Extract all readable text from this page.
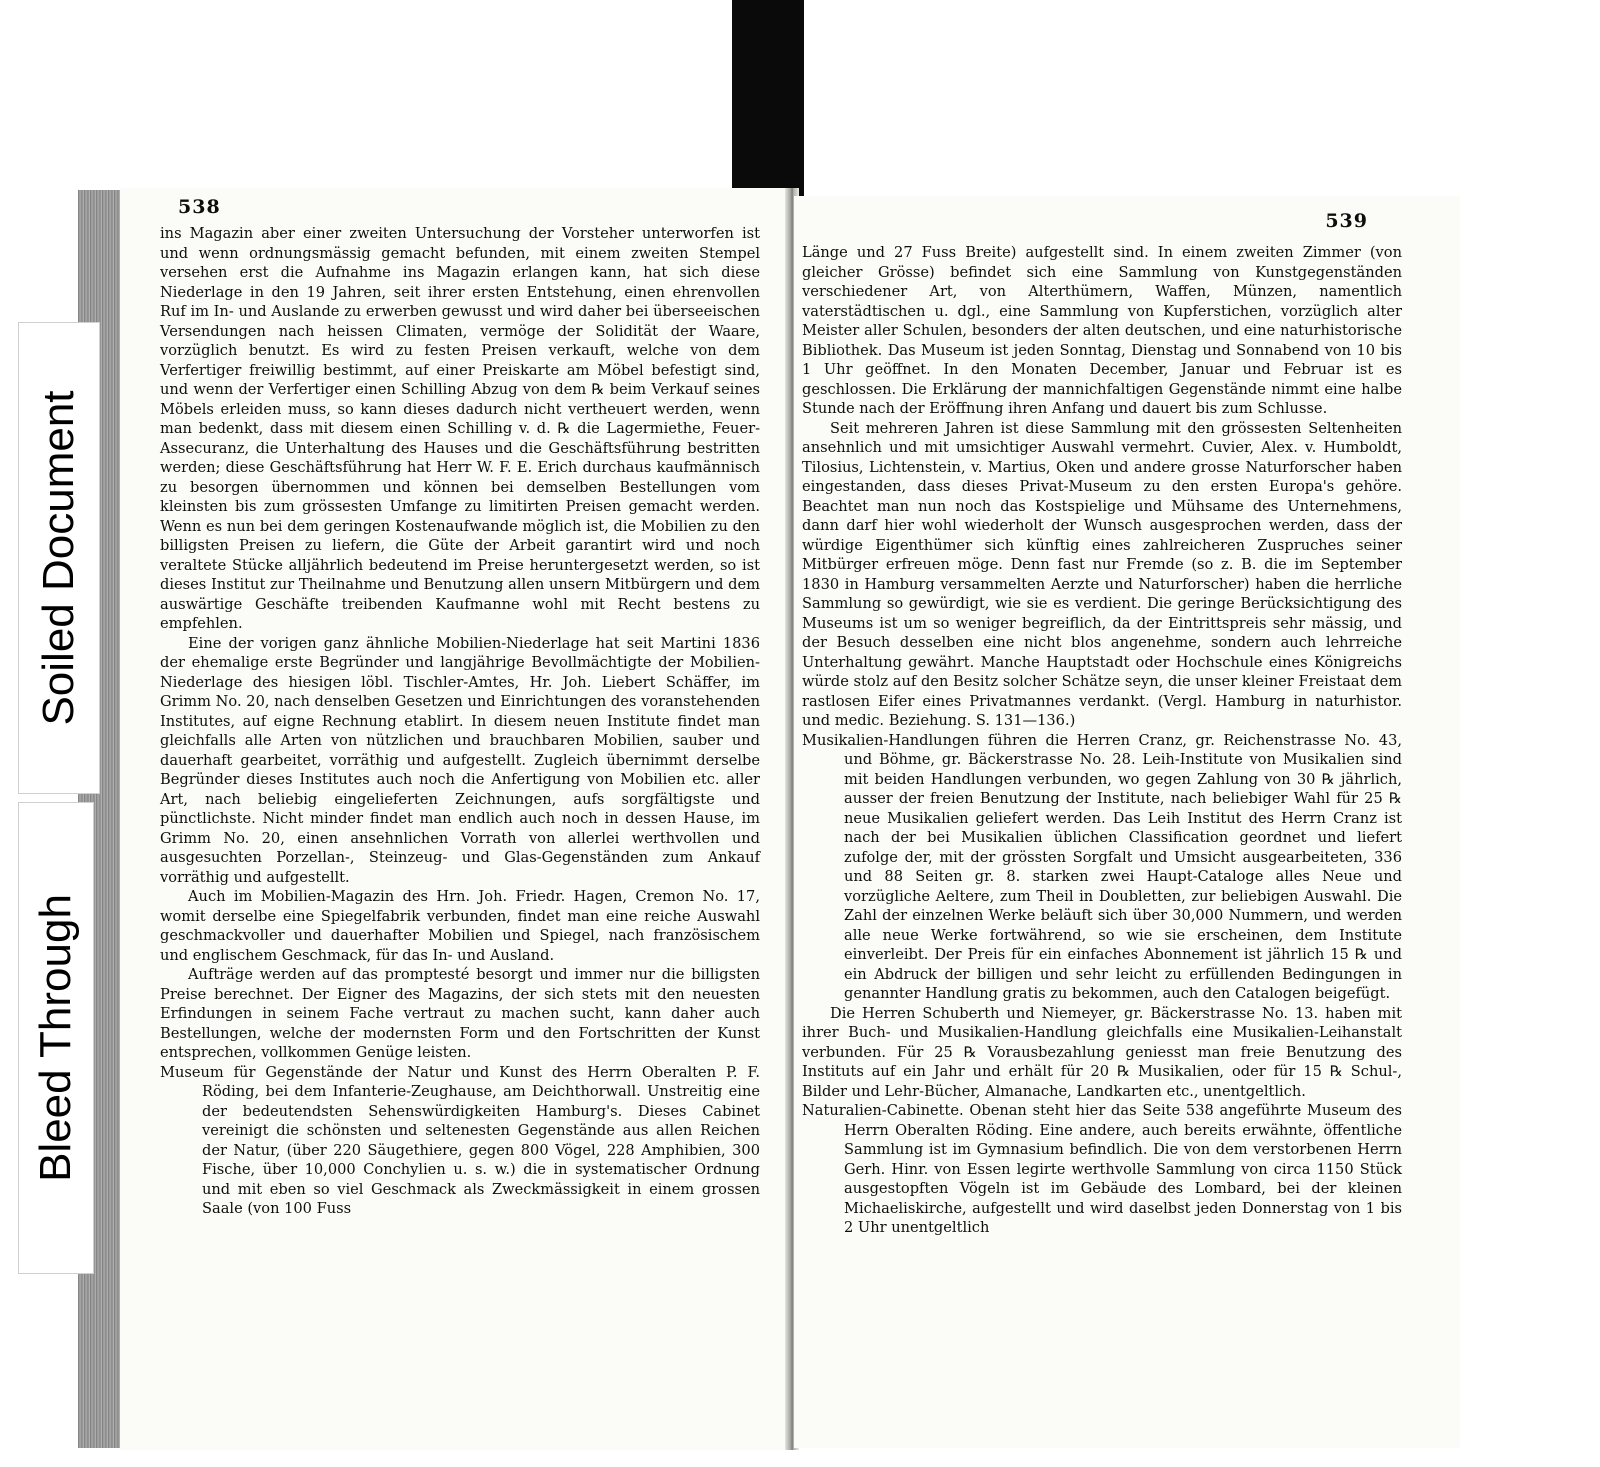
538

ins Magazin aber einer zweiten Untersuchung der Vorsteher unterworfen ist und wenn ordnungsmässig gemacht befunden, mit einem zweiten Stempel versehen erst die Aufnahme ins Magazin erlangen kann, hat sich diese Niederlage in den 19 Jahren, seit ihrer ersten Entstehung, einen ehrenvollen Ruf im In- und Auslande zu erwerben gewusst und wird daher bei überseeischen Versendungen nach heissen Climaten, vermöge der Solidität der Waare, vorzüglich benutzt. Es wird zu festen Preisen verkauft, welche von dem Verfertiger freiwillig bestimmt, auf einer Preiskarte am Möbel befestigt sind, und wenn der Verfertiger einen Schilling Abzug von dem ℞ beim Verkauf seines Möbels erleiden muss, so kann dieses dadurch nicht vertheuert werden, wenn man bedenkt, dass mit diesem einen Schilling v. d. ℞ die Lagermiethe, Feuer-Assecuranz, die Unterhaltung des Hauses und die Geschäftsführung bestritten werden; diese Geschäftsführung hat Herr W. F. E. Erich durchaus kaufmännisch zu besorgen übernommen und können bei demselben Bestellungen vom kleinsten bis zum grössesten Umfange zu limitirten Preisen gemacht werden. Wenn es nun bei dem geringen Kostenaufwande möglich ist, die Mobilien zu den billigsten Preisen zu liefern, die Güte der Arbeit garantirt wird und noch veraltete Stücke alljährlich bedeutend im Preise heruntergesetzt werden, so ist dieses Institut zur Theilnahme und Benutzung allen unsern Mitbürgern und dem auswärtige Geschäfte treibenden Kaufmanne wohl mit Recht bestens zu empfehlen.

Eine der vorigen ganz ähnliche Mobilien-Niederlage hat seit Martini 1836 der ehemalige erste Begründer und langjährige Bevollmächtigte der Mobilien-Niederlage des hiesigen löbl. Tischler-Amtes, Hr. Joh. Liebert Schäffer, im Grimm No. 20, nach denselben Gesetzen und Einrichtungen des voranstehenden Institutes, auf eigne Rechnung etablirt. In diesem neuen Institute findet man gleichfalls alle Arten von nützlichen und brauchbaren Mobilien, sauber und dauerhaft gearbeitet, vorräthig und aufgestellt. Zugleich übernimmt derselbe Begründer dieses Institutes auch noch die Anfertigung von Mobilien etc. aller Art, nach beliebig eingelieferten Zeichnungen, aufs sorgfältigste und pünctlichste. Nicht minder findet man endlich auch noch in dessen Hause, im Grimm No. 20, einen ansehnlichen Vorrath von allerlei werthvollen und ausgesuchten Porzellan-, Steinzeug- und Glas-Gegenständen zum Ankauf vorräthig und aufgestellt.

Auch im Mobilien-Magazin des Hrn. Joh. Friedr. Hagen, Cremon No. 17, womit derselbe eine Spiegelfabrik verbunden, findet man eine reiche Auswahl geschmackvoller und dauerhafter Mobilien und Spiegel, nach französischem und englischem Geschmack, für das In- und Ausland.

Aufträge werden auf das promptesté besorgt und immer nur die billigsten Preise berechnet. Der Eigner des Magazins, der sich stets mit den neuesten Erfindungen in seinem Fache vertraut zu machen sucht, kann daher auch Bestellungen, welche der modernsten Form und den Fortschritten der Kunst entsprechen, vollkommen Genüge leisten.

Museum für Gegenstände der Natur und Kunst des Herrn Oberalten P. F. Röding, bei dem Infanterie-Zeughause, am Deichthorwall. Unstreitig eine der bedeutendsten Sehenswürdigkeiten Hamburg's. Dieses Cabinet vereinigt die schönsten und seltenesten Gegenstände aus allen Reichen der Natur, (über 220 Säugethiere, gegen 800 Vögel, 228 Amphibien, 300 Fische, über 10,000 Conchylien u. s. w.) die in systematischer Ordnung und mit eben so viel Geschmack als Zweckmässigkeit in einem grossen Saale (von 100 Fuss

539

Länge und 27 Fuss Breite) aufgestellt sind. In einem zweiten Zimmer (von gleicher Grösse) befindet sich eine Sammlung von Kunstgegenständen verschiedener Art, von Alterthümern, Waffen, Münzen, namentlich vaterstädtischen u. dgl., eine Sammlung von Kupferstichen, vorzüglich alter Meister aller Schulen, besonders der alten deutschen, und eine naturhistorische Bibliothek. Das Museum ist jeden Sonntag, Dienstag und Sonnabend von 10 bis 1 Uhr geöffnet. In den Monaten December, Januar und Februar ist es geschlossen. Die Erklärung der mannichfaltigen Gegenstände nimmt eine halbe Stunde nach der Eröffnung ihren Anfang und dauert bis zum Schlusse.

Seit mehreren Jahren ist diese Sammlung mit den grössesten Seltenheiten ansehnlich und mit umsichtiger Auswahl vermehrt. Cuvier, Alex. v. Humboldt, Tilosius, Lichtenstein, v. Martius, Oken und andere grosse Naturforscher haben eingestanden, dass dieses Privat-Museum zu den ersten Europa's gehöre. Beachtet man nun noch das Kostspielige und Mühsame des Unternehmens, dann darf hier wohl wiederholt der Wunsch ausgesprochen werden, dass der würdige Eigenthümer sich künftig eines zahlreicheren Zuspruches seiner Mitbürger erfreuen möge. Denn fast nur Fremde (so z. B. die im September 1830 in Hamburg versammelten Aerzte und Naturforscher) haben die herrliche Sammlung so gewürdigt, wie sie es verdient. Die geringe Berücksichtigung des Museums ist um so weniger begreiflich, da der Eintrittspreis sehr mässig, und der Besuch desselben eine nicht blos angenehme, sondern auch lehrreiche Unterhaltung gewährt. Manche Hauptstadt oder Hochschule eines Königreichs würde stolz auf den Besitz solcher Schätze seyn, die unser kleiner Freistaat dem rastlosen Eifer eines Privatmannes verdankt. (Vergl. Hamburg in naturhistor. und medic. Beziehung. S. 131—136.)

Musikalien-Handlungen führen die Herren Cranz, gr. Reichenstrasse No. 43, und Böhme, gr. Bäckerstrasse No. 28. Leih-Institute von Musikalien sind mit beiden Handlungen verbunden, wo gegen Zahlung von 30 ℞ jährlich, ausser der freien Benutzung der Institute, nach beliebiger Wahl für 25 ℞ neue Musikalien geliefert werden. Das Leih Institut des Herrn Cranz ist nach der bei Musikalien üblichen Classification geordnet und liefert zufolge der, mit der grössten Sorgfalt und Umsicht ausgearbeiteten, 336 und 88 Seiten gr. 8. starken zwei Haupt-Cataloge alles Neue und vorzügliche Aeltere, zum Theil in Doubletten, zur beliebigen Auswahl. Die Zahl der einzelnen Werke beläuft sich über 30,000 Nummern, und werden alle neue Werke fortwährend, so wie sie erscheinen, dem Institute einverleibt. Der Preis für ein einfaches Abonnement ist jährlich 15 ℞ und ein Abdruck der billigen und sehr leicht zu erfüllenden Bedingungen in genannter Handlung gratis zu bekommen, auch den Catalogen beigefügt.

Die Herren Schuberth und Niemeyer, gr. Bäckerstrasse No. 13. haben mit ihrer Buch- und Musikalien-Handlung gleichfalls eine Musikalien-Leihanstalt verbunden. Für 25 ℞ Vorausbezahlung geniesst man freie Benutzung des Instituts auf ein Jahr und erhält für 20 ℞ Musikalien, oder für 15 ℞ Schul-, Bilder und Lehr-Bücher, Almanache, Landkarten etc., unentgeltlich.

Naturalien-Cabinette. Obenan steht hier das Seite 538 angeführte Museum des Herrn Oberalten Röding. Eine andere, auch bereits erwähnte, öffentliche Sammlung ist im Gymnasium befindlich. Die von dem verstorbenen Herrn Gerh. Hinr. von Essen legirte werthvolle Sammlung von circa 1150 Stück ausgestopften Vögeln ist im Gebäude des Lombard, bei der kleinen Michaeliskirche, aufgestellt und wird daselbst jeden Donnerstag von 1 bis 2 Uhr unentgeltlich

Soiled Document
Bleed Through
